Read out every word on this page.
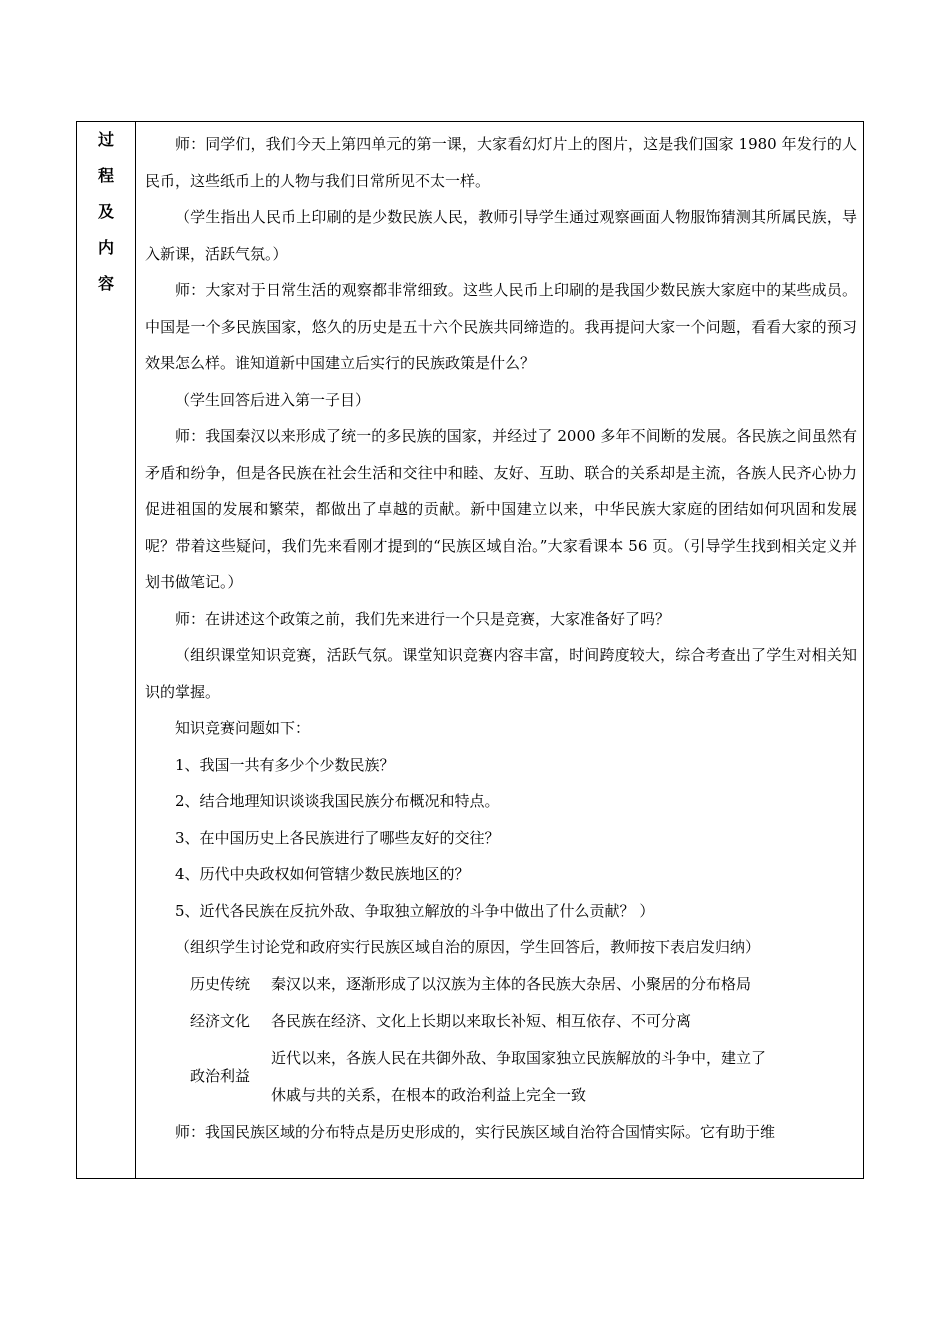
过
程
及
内
容

师：同学们，我们今天上第四单元的第一课，大家看幻灯片上的图片，这是我们国家 1980 年发行的人民币，这些纸币上的人物与我们日常所见不太一样。

（学生指出人民币上印刷的是少数民族人民，教师引导学生通过观察画面人物服饰猜测其所属民族，导入新课，活跃气氛。）

师：大家对于日常生活的观察都非常细致。这些人民币上印刷的是我国少数民族大家庭中的某些成员。中国是一个多民族国家，悠久的历史是五十六个民族共同缔造的。我再提问大家一个问题，看看大家的预习效果怎么样。谁知道新中国建立后实行的民族政策是什么？

（学生回答后进入第一子目）

师：我国秦汉以来形成了统一的多民族的国家，并经过了 2000 多年不间断的发展。各民族之间虽然有矛盾和纷争，但是各民族在社会生活和交往中和睦、友好、互助、联合的关系却是主流，各族人民齐心协力促进祖国的发展和繁荣，都做出了卓越的贡献。新中国建立以来，中华民族大家庭的团结如何巩固和发展呢？带着这些疑问，我们先来看刚才提到的“民族区域自治。”大家看课本 56 页。（引导学生找到相关定义并划书做笔记。）

师：在讲述这个政策之前，我们先来进行一个只是竞赛，大家准备好了吗？

（组织课堂知识竞赛，活跃气氛。课堂知识竞赛内容丰富，时间跨度较大，综合考查出了学生对相关知识的掌握。

知识竞赛问题如下：

1、我国一共有多少个少数民族？

2、结合地理知识谈谈我国民族分布概况和特点。

3、在中国历史上各民族进行了哪些友好的交往？

4、历代中央政权如何管辖少数民族地区的？

5、近代各民族在反抗外敌、争取独立解放的斗争中做出了什么贡献？ ）

（组织学生讨论党和政府实行民族区域自治的原因，学生回答后，教师按下表启发归纳）

历史传统	秦汉以来，逐渐形成了以汉族为主体的各民族大杂居、小聚居的分布格局
经济文化	各民族在经济、文化上长期以来取长补短、相互依存、不可分离
政治利益	近代以来，各族人民在共御外敌、争取国家独立民族解放的斗争中，建立了
休戚与共的关系，在根本的政治利益上完全一致

师：我国民族区域的分布特点是历史形成的，实行民族区域自治符合国情实际。它有助于维
